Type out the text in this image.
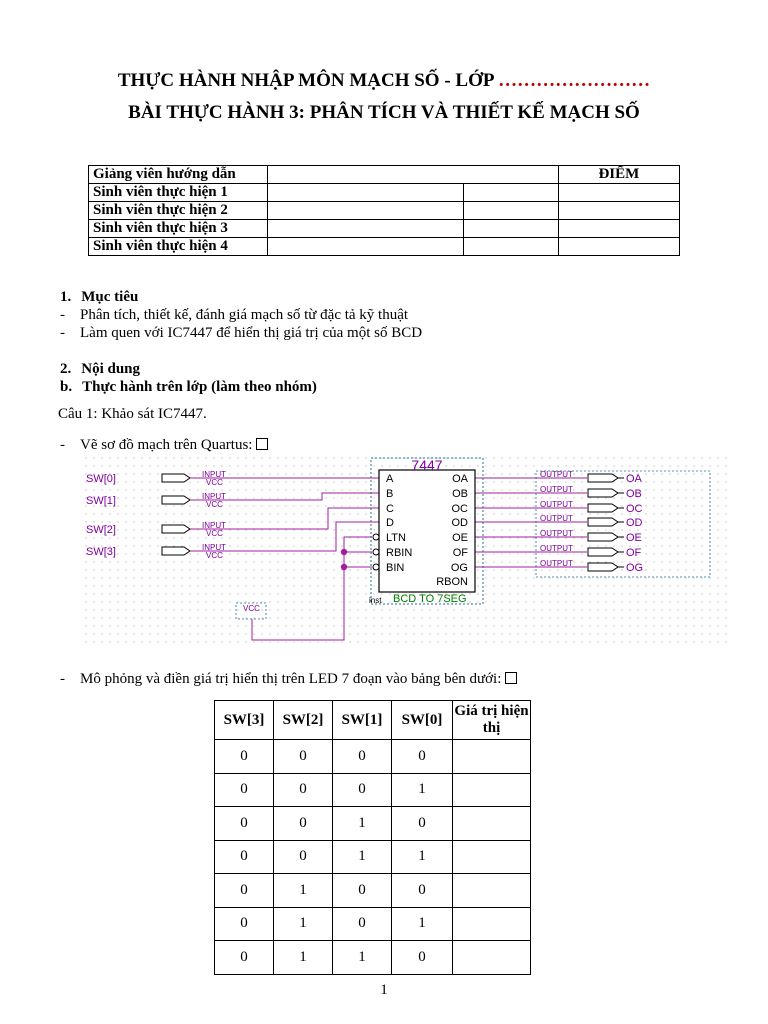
THỰC HÀNH NHẬP MÔN MẠCH SỐ - LỚP ……………………
BÀI THỰC HÀNH 3: PHÂN TÍCH VÀ THIẾT KẾ MẠCH SỐ
Giảng viên hướng dẫn			ĐIỂM
Sinh viên thực hiện 1			
Sinh viên thực hiện 2			
Sinh viên thực hiện 3			
Sinh viên thực hiện 4			
1. Mục tiêu
- Phân tích, thiết kế, đánh giá mạch số từ đặc tả kỹ thuật
- Làm quen với IC7447 để hiển thị giá trị của một số BCD
2. Nội dung
b. Thực hành trên lớp (làm theo nhóm)
Câu 1: Khảo sát IC7447.
- Vẽ sơ đồ mạch trên Quartus:
SW[0]	INPUT
VCC
SW[1]	INPUT
VCC
SW[2]	INPUT
VCC
SW[3]	INPUT
VCC
7447
A
B
C
D
LTN
RBIN
BIN
OA
OB
OC
OD
OE
OF
OG
RBON
inst BCD TO 7SEG
OUTPUT	OA
OUTPUT	OB
OUTPUT	OC
OUTPUT	OD
OUTPUT	OE
OUTPUT	OF
OUTPUT	OG
VCC
- Mô phỏng và điền giá trị hiển thị trên LED 7 đoạn vào bảng bên dưới:
SW[3]	SW[2]	SW[1]	SW[0]	Giá trị hiện thị
0	0	0	0	
0	0	0	1	
0	0	1	0	
0	0	1	1	
0	1	0	0	
0	1	0	1	
0	1	1	0	
1
